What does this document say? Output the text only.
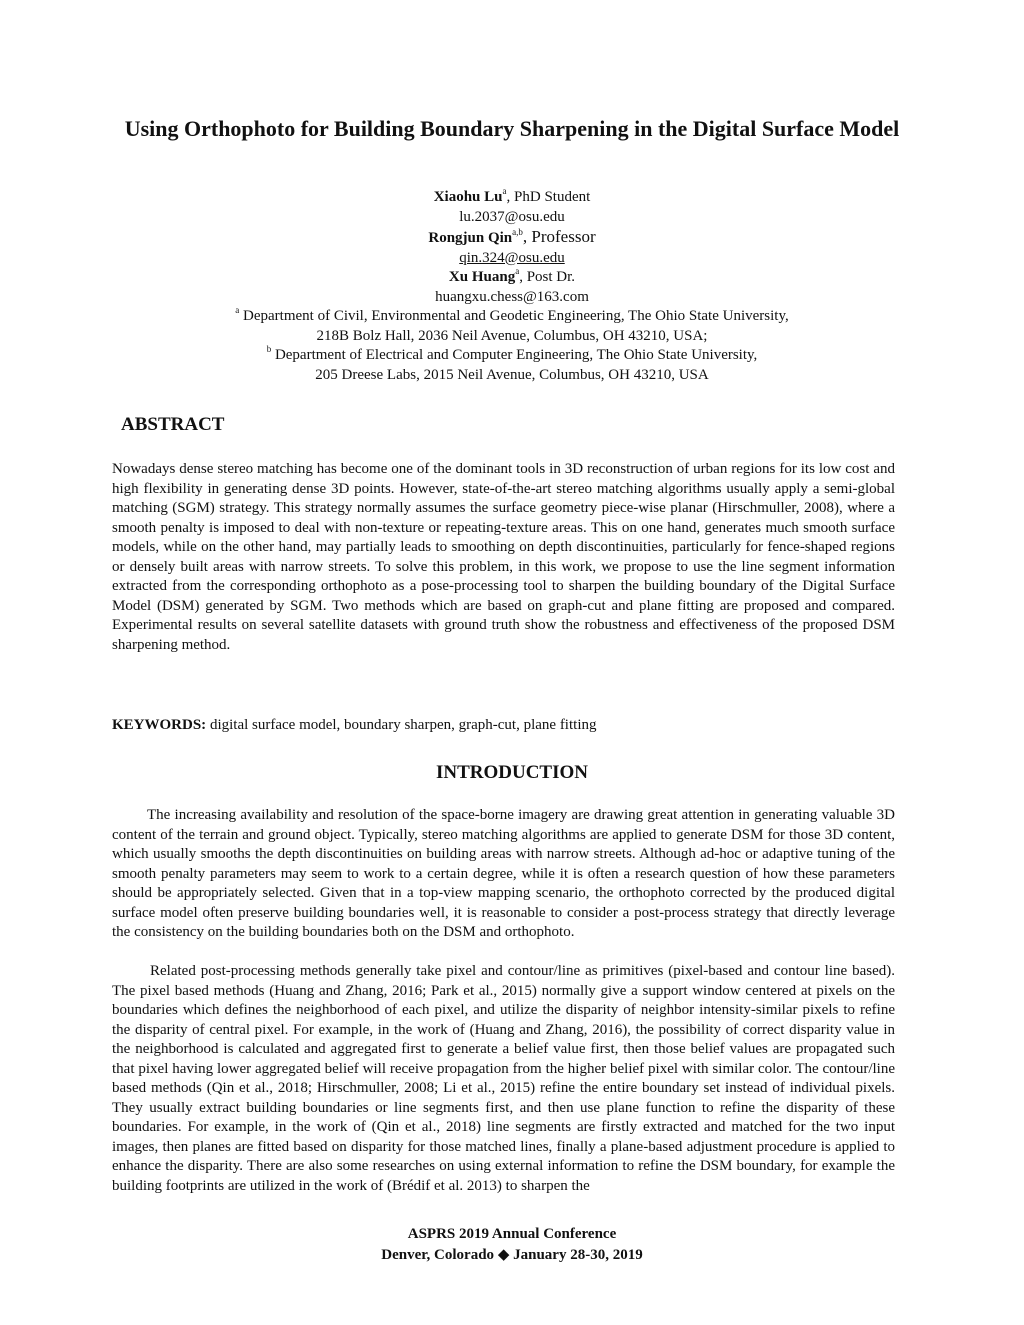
Using Orthophoto for Building Boundary Sharpening in the Digital Surface Model
Xiaohu Lu$^a$, PhD Student
lu.2037@osu.edu
Rongjun Qin$^{a,b}$, Professor
qin.324@osu.edu
Xu Huang$^a$, Post Dr.
huangxu.chess@163.com
$^a$ Department of Civil, Environmental and Geodetic Engineering, The Ohio State University,
218B Bolz Hall, 2036 Neil Avenue, Columbus, OH 43210, USA;
$^b$ Department of Electrical and Computer Engineering, The Ohio State University,
205 Dreese Labs, 2015 Neil Avenue, Columbus, OH 43210, USA
ABSTRACT
Nowadays dense stereo matching has become one of the dominant tools in 3D reconstruction of urban regions for its low cost and high flexibility in generating dense 3D points. However, state-of-the-art stereo matching algorithms usually apply a semi-global matching (SGM) strategy. This strategy normally assumes the surface geometry piece-wise planar (Hirschmuller, 2008), where a smooth penalty is imposed to deal with non-texture or repeating-texture areas. This on one hand, generates much smooth surface models, while on the other hand, may partially leads to smoothing on depth discontinuities, particularly for fence-shaped regions or densely built areas with narrow streets. To solve this problem, in this work, we propose to use the line segment information extracted from the corresponding orthophoto as a pose-processing tool to sharpen the building boundary of the Digital Surface Model (DSM) generated by SGM. Two methods which are based on graph-cut and plane fitting are proposed and compared. Experimental results on several satellite datasets with ground truth show the robustness and effectiveness of the proposed DSM sharpening method.
KEYWORDS: digital surface model, boundary sharpen, graph-cut, plane fitting
INTRODUCTION
The increasing availability and resolution of the space-borne imagery are drawing great attention in generating valuable 3D content of the terrain and ground object. Typically, stereo matching algorithms are applied to generate DSM for those 3D content, which usually smooths the depth discontinuities on building areas with narrow streets. Although ad-hoc or adaptive tuning of the smooth penalty parameters may seem to work to a certain degree, while it is often a research question of how these parameters should be appropriately selected. Given that in a top-view mapping scenario, the orthophoto corrected by the produced digital surface model often preserve building boundaries well, it is reasonable to consider a post-process strategy that directly leverage the consistency on the building boundaries both on the DSM and orthophoto.
Related post-processing methods generally take pixel and contour/line as primitives (pixel-based and contour line based). The pixel based methods (Huang and Zhang, 2016; Park et al., 2015) normally give a support window centered at pixels on the boundaries which defines the neighborhood of each pixel, and utilize the disparity of neighbor intensity-similar pixels to refine the disparity of central pixel. For example, in the work of (Huang and Zhang, 2016), the possibility of correct disparity value in the neighborhood is calculated and aggregated first to generate a belief value first, then those belief values are propagated such that pixel having lower aggregated belief will receive propagation from the higher belief pixel with similar color. The contour/line based methods (Qin et al., 2018; Hirschmuller, 2008; Li et al., 2015) refine the entire boundary set instead of individual pixels. They usually extract building boundaries or line segments first, and then use plane function to refine the disparity of these boundaries. For example, in the work of (Qin et al., 2018) line segments are firstly extracted and matched for the two input images, then planes are fitted based on disparity for those matched lines, finally a plane-based adjustment procedure is applied to enhance the disparity. There are also some researches on using external information to refine the DSM boundary, for example the building footprints are utilized in the work of (Brédif et al. 2013) to sharpen the
ASPRS 2019 Annual Conference
Denver, Colorado ◆ January 28-30, 2019
